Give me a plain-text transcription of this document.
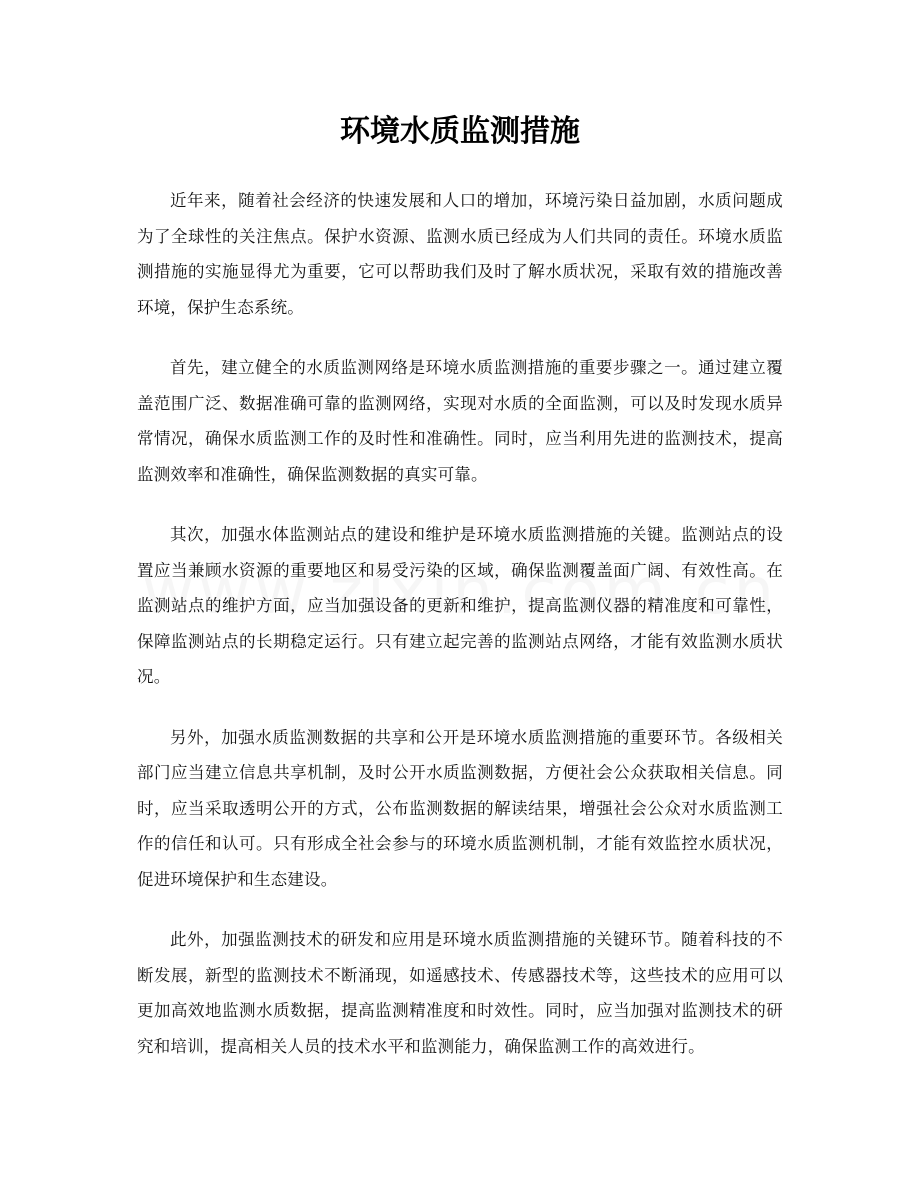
环境水质监测措施

近年来，随着社会经济的快速发展和人口的增加，环境污染日益加剧，水质问题成为了全球性的关注焦点。保护水资源、监测水质已经成为人们共同的责任。环境水质监测措施的实施显得尤为重要，它可以帮助我们及时了解水质状况，采取有效的措施改善环境，保护生态系统。

首先，建立健全的水质监测网络是环境水质监测措施的重要步骤之一。通过建立覆盖范围广泛、数据准确可靠的监测网络，实现对水质的全面监测，可以及时发现水质异常情况，确保水质监测工作的及时性和准确性。同时，应当利用先进的监测技术，提高监测效率和准确性，确保监测数据的真实可靠。

其次，加强水体监测站点的建设和维护是环境水质监测措施的关键。监测站点的设置应当兼顾水资源的重要地区和易受污染的区域，确保监测覆盖面广阔、有效性高。在监测站点的维护方面，应当加强设备的更新和维护，提高监测仪器的精准度和可靠性，保障监测站点的长期稳定运行。只有建立起完善的监测站点网络，才能有效监测水质状况。

另外，加强水质监测数据的共享和公开是环境水质监测措施的重要环节。各级相关部门应当建立信息共享机制，及时公开水质监测数据，方便社会公众获取相关信息。同时，应当采取透明公开的方式，公布监测数据的解读结果，增强社会公众对水质监测工作的信任和认可。只有形成全社会参与的环境水质监测机制，才能有效监控水质状况，促进环境保护和生态建设。

此外，加强监测技术的研发和应用是环境水质监测措施的关键环节。随着科技的不断发展，新型的监测技术不断涌现，如遥感技术、传感器技术等，这些技术的应用可以更加高效地监测水质数据，提高监测精准度和时效性。同时，应当加强对监测技术的研究和培训，提高相关人员的技术水平和监测能力，确保监测工作的高效进行。
